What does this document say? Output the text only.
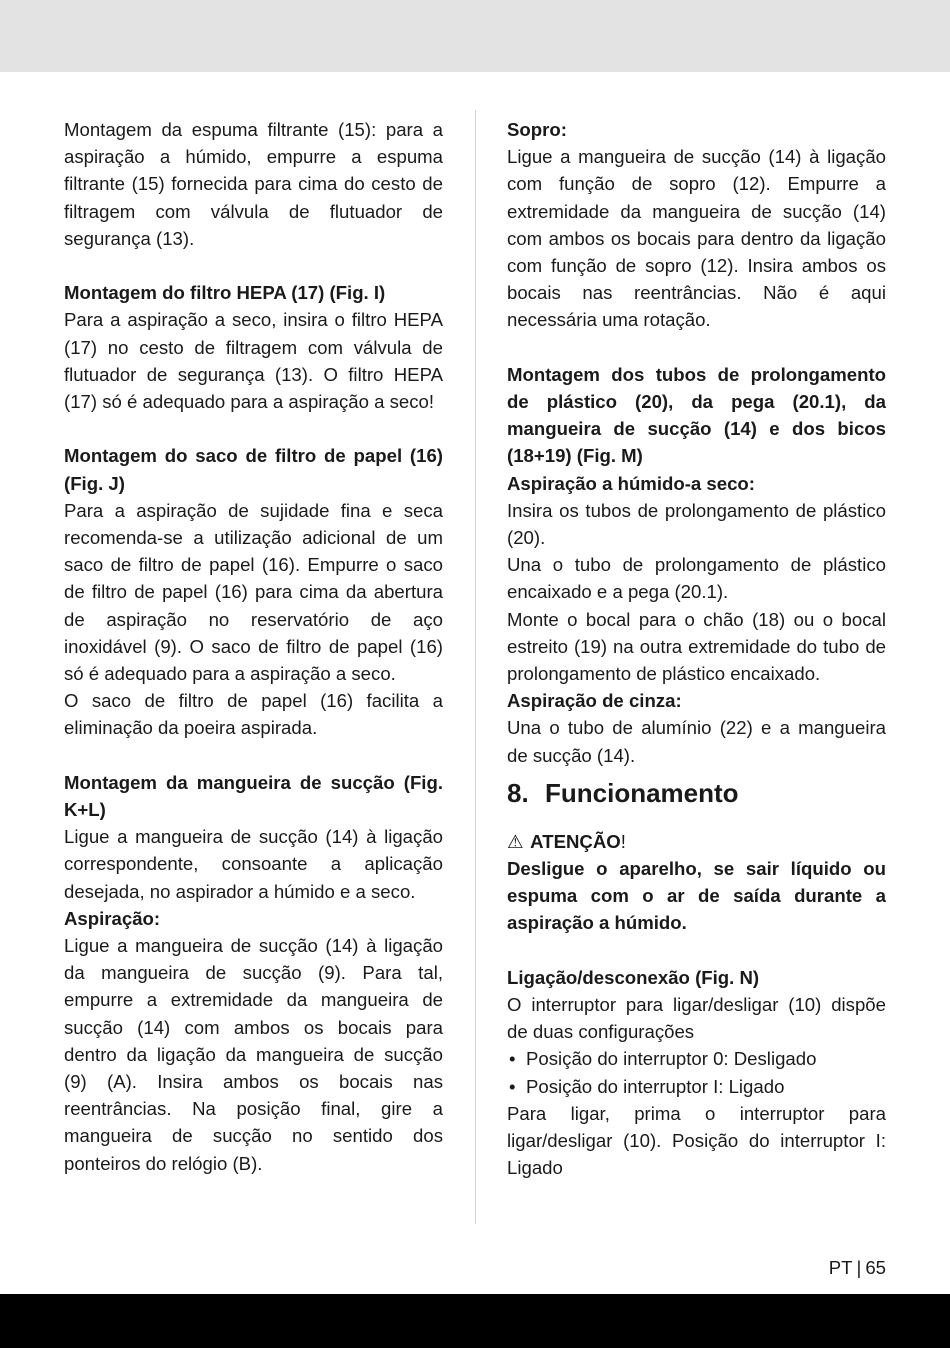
Montagem da espuma filtrante (15): para a aspiração a húmido, empurre a espuma filtrante (15) fornecida para cima do cesto de filtragem com válvula de flutuador de segurança (13).

Montagem do filtro HEPA (17) (Fig. I)

Para a aspiração a seco, insira o filtro HEPA (17) no cesto de filtragem com válvula de flutuador de segurança (13). O filtro HEPA (17) só é adequado para a aspiração a seco!

Montagem do saco de filtro de papel (16) (Fig. J)

Para a aspiração de sujidade fina e seca recomenda-se a utilização adicional de um saco de filtro de papel (16). Empurre o saco de filtro de papel (16) para cima da abertura de aspiração no reservatório de aço inoxidável (9). O saco de filtro de papel (16) só é adequado para a aspiração a seco.

O saco de filtro de papel (16) facilita a eliminação da poeira aspirada.

Montagem da mangueira de sucção (Fig. K+L)

Ligue a mangueira de sucção (14) à ligação correspondente, consoante a aplicação desejada, no aspirador a húmido e a seco.

Aspiração:

Ligue a mangueira de sucção (14) à ligação da mangueira de sucção (9). Para tal, empurre a extremidade da mangueira de sucção (14) com ambos os bocais para dentro da ligação da mangueira de sucção (9) (A). Insira ambos os bocais nas reentrâncias. Na posição final, gire a mangueira de sucção no sentido dos ponteiros do relógio (B).

Sopro:

Ligue a mangueira de sucção (14) à ligação com função de sopro (12). Empurre a extremidade da mangueira de sucção (14) com ambos os bocais para dentro da ligação com função de sopro (12). Insira ambos os bocais nas reentrâncias. Não é aqui necessária uma rotação.

Montagem dos tubos de prolongamento de plástico (20), da pega (20.1), da mangueira de sucção (14) e dos bicos (18+19) (Fig. M)

Aspiração a húmido-a seco:

Insira os tubos de prolongamento de plástico (20).

Una o tubo de prolongamento de plástico encaixado e a pega (20.1).

Monte o bocal para o chão (18) ou o bocal estreito (19) na outra extremidade do tubo de prolongamento de plástico encaixado.

Aspiração de cinza:

Una o tubo de alumínio (22) e a mangueira de sucção (14).

8. Funcionamento

⚠ ATENÇÃO!

Desligue o aparelho, se sair líquido ou espuma com o ar de saída durante a aspiração a húmido.

Ligação/desconexão (Fig. N)

O interruptor para ligar/desligar (10) dispõe de duas configurações

• Posição do interruptor 0: Desligado
• Posição do interruptor I: Ligado

Para ligar, prima o interruptor para ligar/desligar (10). Posição do interruptor I: Ligado

PT | 65
